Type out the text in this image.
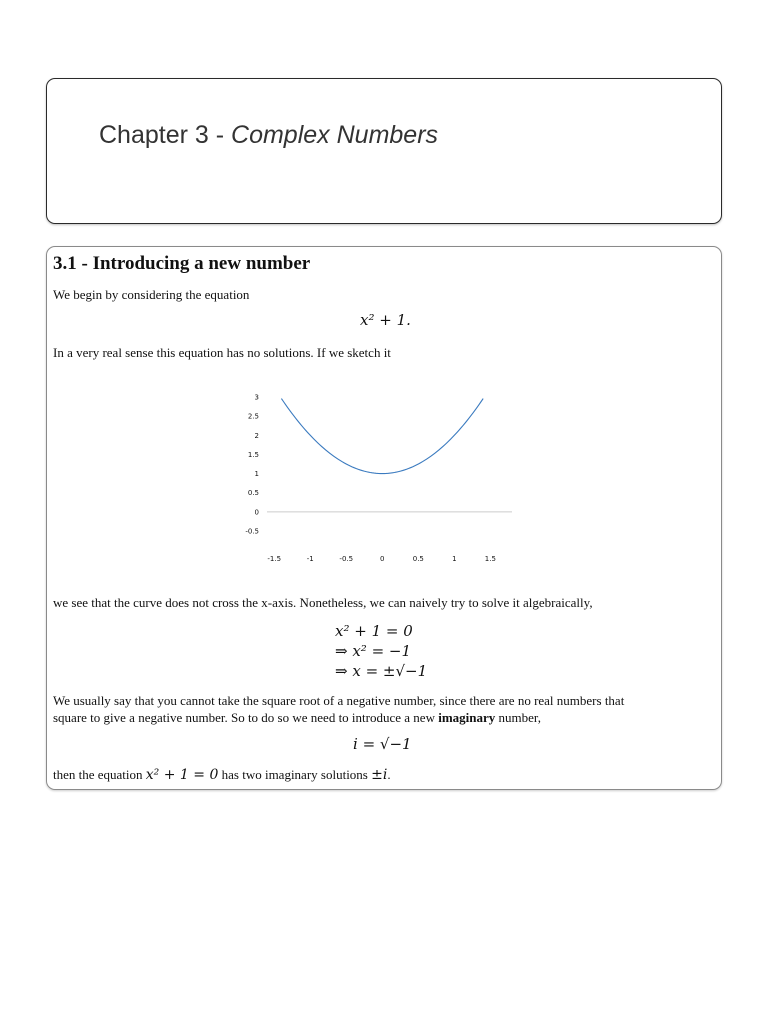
Chapter 3 - Complex Numbers
3.1 - Introducing a new number
We begin by considering the equation
x² + 1.
In a very real sense this equation has no solutions. If we sketch it
3
2.5
2
1.5
1
0.5
0
-0.5
-1.5	-1	-0.5	0	0.5	1	1.5
we see that the curve does not cross the x-axis. Nonetheless, we can naively try to solve it algebraically,
x² + 1 = 0
⇒ x² = −1
⇒ x = ±√−1
We usually say that you cannot take the square root of a negative number, since there are no real numbers that
square to give a negative number. So to do so we need to introduce a new imaginary number,
i = √−1
then the equation x² + 1 = 0 has two imaginary solutions ±i.
